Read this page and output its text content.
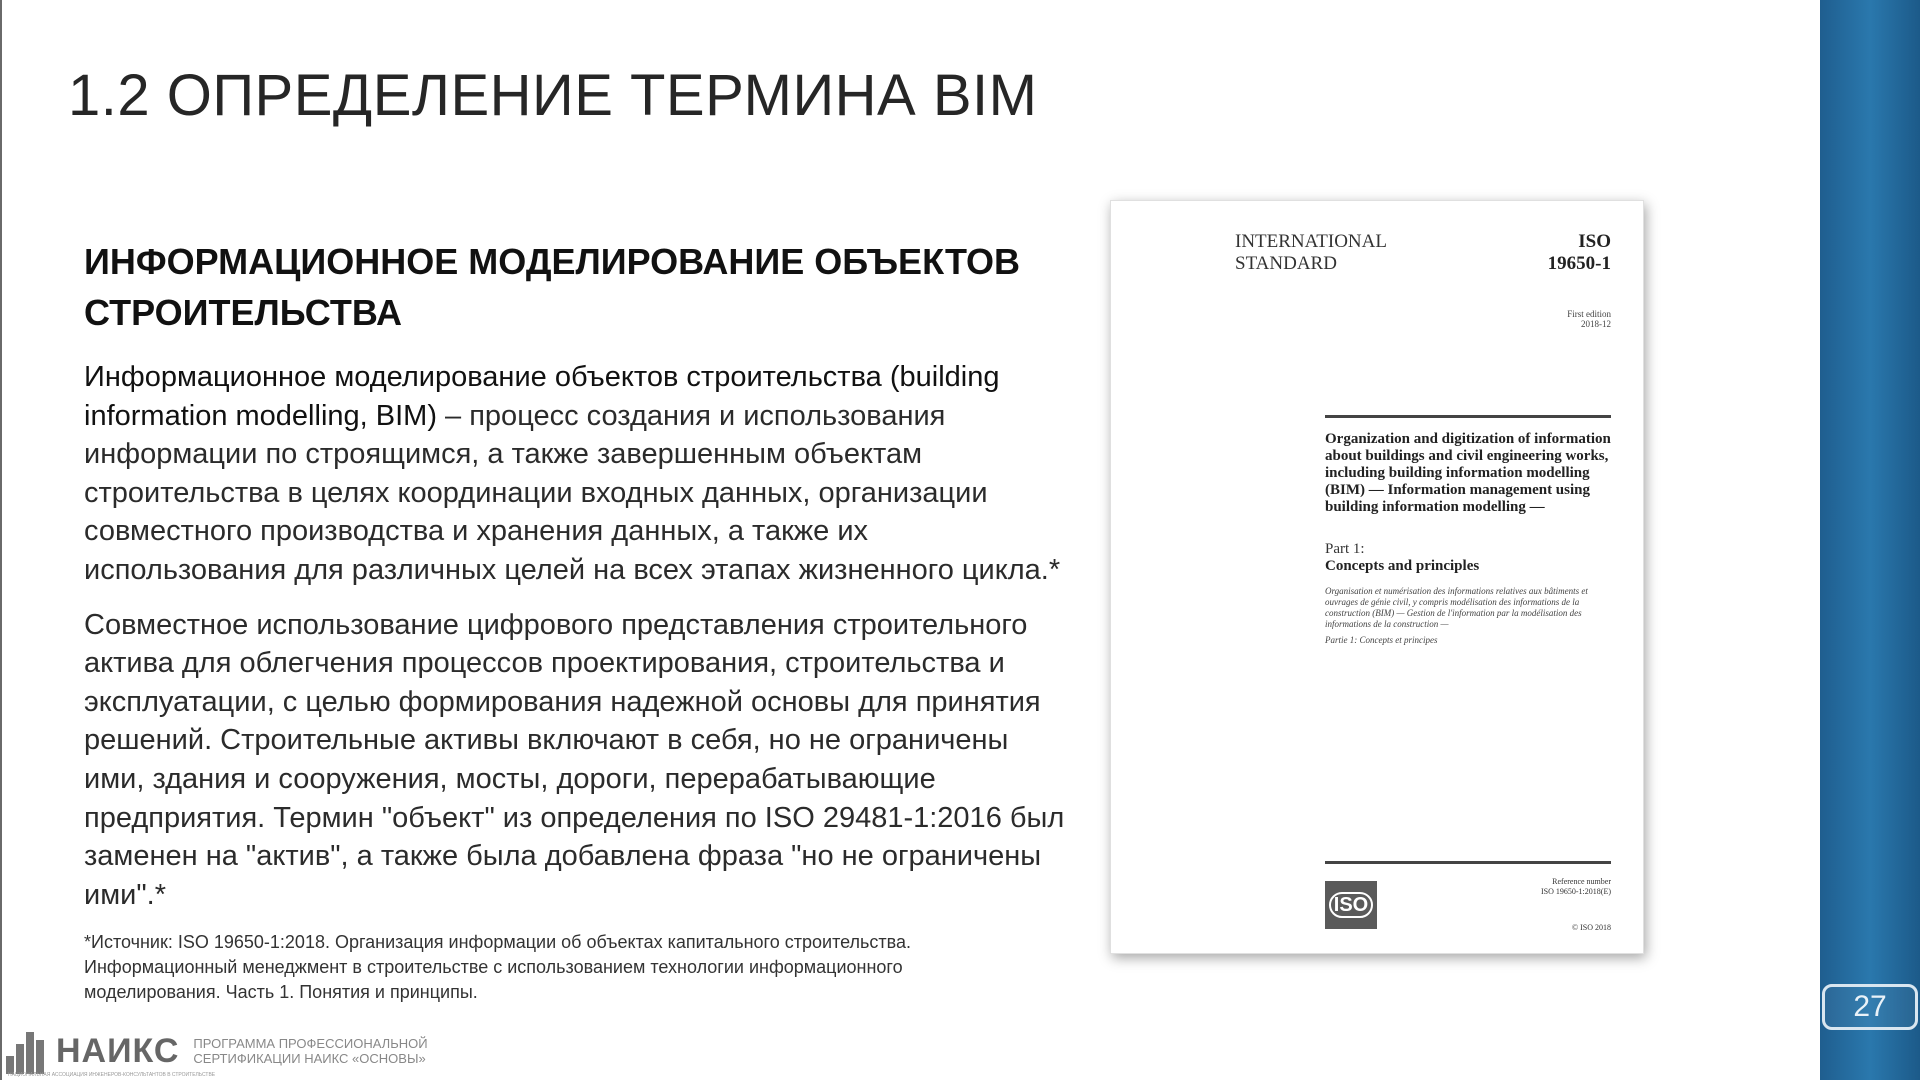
27
1.2 ОПРЕДЕЛЕНИЕ ТЕРМИНА BIM
ИНФОРМАЦИОННОЕ МОДЕЛИРОВАНИЕ ОБЪЕКТОВ СТРОИТЕЛЬСТВА

Информационное моделирование объектов строительства (building information modelling, BIM) – процесс создания и использования информации по строящимся, а также завершенным объектам строительства в целях координации входных данных, организации совместного производства и хранения данных, а также их использования для различных целей на всех этапах жизненного цикла.*

Совместное использование цифрового представления строительного актива для облегчения процессов проектирования, строительства и эксплуатации, с целью формирования надежной основы для принятия решений. Строительные активы включают в себя, но не ограничены ими, здания и сооружения, мосты, дороги, перерабатывающие предприятия. Термин "объект" из определения по ISO 29481-1:2016 был заменен на "актив", а также была добавлена фраза "но не ограничены ими".*

*Источник: ISO 19650-1:2018. Организация информации об объектах капитального строительства. Информационный менеджмент в строительстве с использованием технологии информационного моделирования. Часть 1. Понятия и принципы.
INTERNATIONAL
STANDARD
ISO
19650-1
First edition
2018-12
Organization and digitization of information about buildings and civil engineering works, including building information modelling (BIM) — Information management using building information modelling —
Part 1:
Concepts and principles
Organisation et numérisation des informations relatives aux bâtiments et ouvrages de génie civil, y compris modélisation des informations de la construction (BIM) — Gestion de l'information par la modélisation des informations de la construction —
Partie 1: Concepts et principes
ISO
Reference number
ISO 19650-1:2018(E)
© ISO 2018
НАИКС ПРОГРАММА ПРОФЕССИОНАЛЬНОЙ
СЕРТИФИКАЦИИ НАИКС «ОСНОВЫ»
НАЦИОНАЛЬНАЯ АССОЦИАЦИЯ ИНЖЕНЕРОВ-КОНСУЛЬТАНТОВ В СТРОИТЕЛЬСТВЕ
